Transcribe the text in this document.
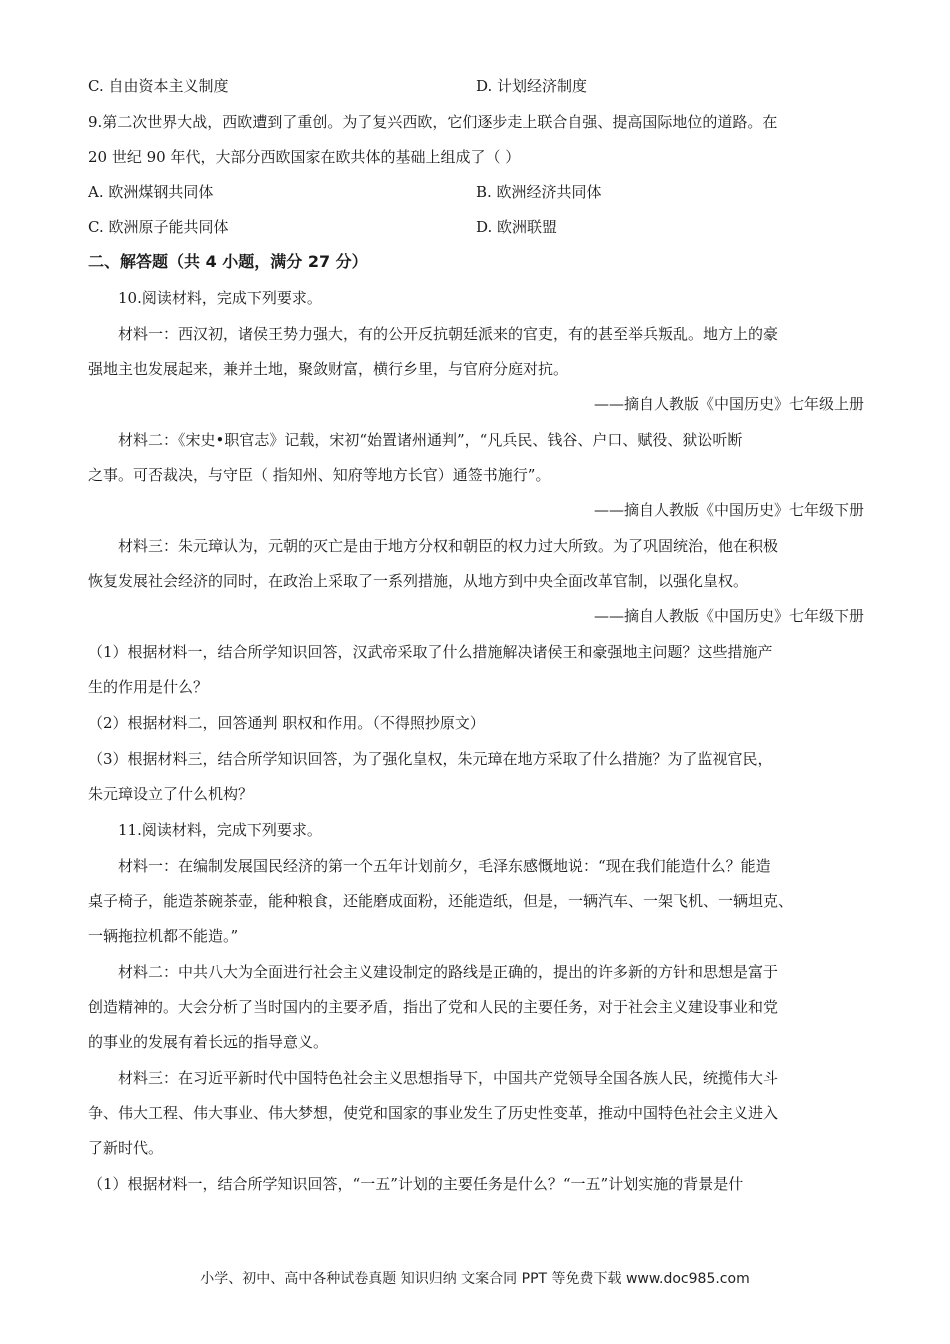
C. 自由资本主义制度	D. 计划经济制度
9.第二次世界大战，西欧遭到了重创。为了复兴西欧，它们逐步走上联合自强、提高国际地位的道路。在
20 世纪 90 年代，大部分西欧国家在欧共体的基础上组成了（ ）
A. 欧洲煤钢共同体	B. 欧洲经济共同体
C. 欧洲原子能共同体	D. 欧洲联盟
二、解答题（共 4 小题，满分 27 分）
10.阅读材料，完成下列要求。
材料一：西汉初，诸侯王势力强大，有的公开反抗朝廷派来的官吏，有的甚至举兵叛乱。地方上的豪
强地主也发展起来，兼并土地，聚敛财富，横行乡里，与官府分庭对抗。
——摘自人教版《中国历史》七年级上册
材料二：《宋史•职官志》记载，宋初“始置诸州通判”，“凡兵民、钱谷、户口、赋役、狱讼听断
之事。可否裁决，与守臣（ 指知州、知府等地方长官）通签书施行”。
——摘自人教版《中国历史》七年级下册
材料三：朱元璋认为，元朝的灭亡是由于地方分权和朝臣的权力过大所致。为了巩固统治，他在积极
恢复发展社会经济的同时，在政治上采取了一系列措施，从地方到中央全面改革官制，以强化皇权。
——摘自人教版《中国历史》七年级下册
（1）根据材料一，结合所学知识回答，汉武帝采取了什么措施解决诸侯王和豪强地主问题？这些措施产
生的作用是什么？
（2）根据材料二，回答通判 职权和作用。（不得照抄原文）
（3）根据材料三，结合所学知识回答，为了强化皇权，朱元璋在地方采取了什么措施？为了监视官民，
朱元璋设立了什么机构？
11.阅读材料，完成下列要求。
材料一：在编制发展国民经济的第一个五年计划前夕，毛泽东感慨地说：“现在我们能造什么？能造
桌子椅子，能造茶碗茶壶，能种粮食，还能磨成面粉，还能造纸，但是，一辆汽车、一架飞机、一辆坦克、
一辆拖拉机都不能造。”
材料二：中共八大为全面进行社会主义建设制定的路线是正确的，提出的许多新的方针和思想是富于
创造精神的。大会分析了当时国内的主要矛盾，指出了党和人民的主要任务，对于社会主义建设事业和党
的事业的发展有着长远的指导意义。
材料三：在习近平新时代中国特色社会主义思想指导下，中国共产党领导全国各族人民，统揽伟大斗
争、伟大工程、伟大事业、伟大梦想，使党和国家的事业发生了历史性变革，推动中国特色社会主义进入
了新时代。
（1）根据材料一，结合所学知识回答，“一五”计划的主要任务是什么？“一五”计划实施的背景是什
小学、初中、高中各种试卷真题 知识归纳 文案合同 PPT 等免费下载 www.doc985.com
